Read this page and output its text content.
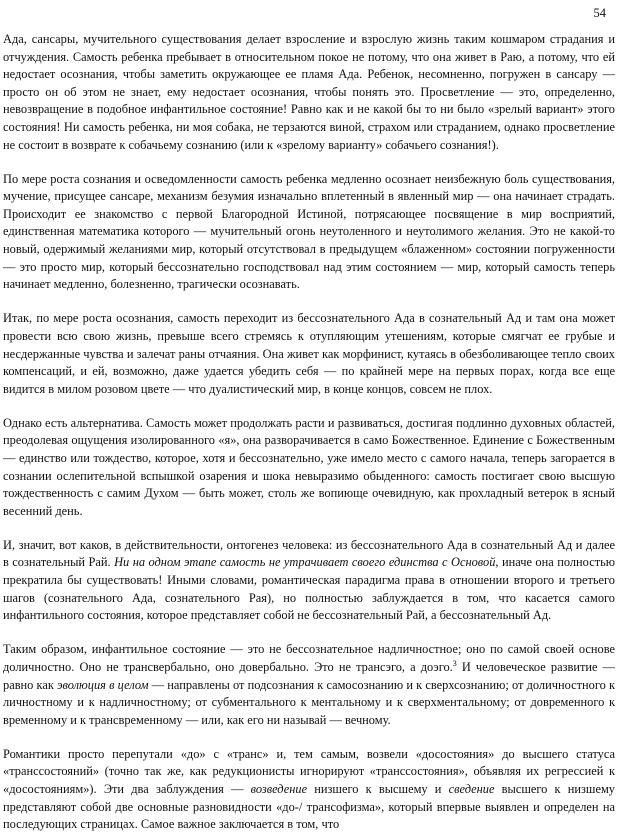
54

Ада, сансары, мучительного существования делает взросление и взрослую жизнь таким кошмаром страдания и отчуждения. Самость ребенка пребывает в относительном покое не потому, что она живет в Раю, а потому, что ей недостает осознания, чтобы заметить окружающее ее пламя Ада. Ребенок, несомненно, погружен в сансару — просто он об этом не знает, ему недостает осознания, чтобы понять это. Просветление — это, определенно, невозвращение в подобное инфантильное состояние! Равно как и не какой бы то ни было «зрелый вариант» этого состояния! Ни самость ребенка, ни моя собака, не терзаются виной, страхом или страданием, однако просветление не состоит в возврате к собачьему сознанию (или к «зрелому варианту» собачьего сознания!).

По мере роста сознания и осведомленности самость ребенка медленно осознает неизбежную боль существования, мучение, присущее сансаре, механизм безумия изначально вплетенный в явленный мир — она начинает страдать. Происходит ее знакомство с первой Благородной Истиной, потрясающее посвящение в мир восприятий, единственная математика которого — мучительный огонь неутоленного и неутолимого желания. Это не какой-то новый, одержимый желаниями мир, который отсутствовал в предыдущем «блаженном» состоянии погруженности — это просто мир, который бессознательно господствовал над этим состоянием — мир, который самость теперь начинает медленно, болезненно, трагически осознавать.

Итак, по мере роста осознания, самость переходит из бессознательного Ада в сознательный Ад и там она может провести всю свою жизнь, превыше всего стремясь к отупляющим утешениям, которые смягчат ее грубые и несдержанные чувства и залечат раны отчаяния. Она живет как морфинист, кутаясь в обезболивающее тепло своих компенсаций, и ей, возможно, даже удается убедить себя — по крайней мере на первых порах, когда все еще видится в милом розовом цвете — что дуалистический мир, в конце концов, совсем не плох.

Однако есть альтернатива. Самость может продолжать расти и развиваться, достигая подлинно духовных областей, преодолевая ощущения изолированного «я», она разворачивается в само Божественное. Единение с Божественным — единство или тождество, которое, хотя и бессознательно, уже имело место с самого начала, теперь загорается в сознании ослепительной вспышкой озарения и шока невыразимо обыденного: самость постигает свою высшую тождественность с самим Духом — быть может, столь же вопиюще очевидную, как прохладный ветерок в ясный весенний день.

И, значит, вот каков, в действительности, онтогенез человека: из бессознательного Ада в сознательный Ад и далее в сознательный Рай. Ни на одном этапе самость не утрачивает своего единства с Основой, иначе она полностью прекратила бы существовать! Иными словами, романтическая парадигма права в отношении второго и третьего шагов (сознательного Ада, сознательного Рая), но полностью заблуждается в том, что касается самого инфантильного состояния, которое представляет собой не бессознательный Рай, а бессознательный Ад.

Таким образом, инфантильное состояние — это не бессознательное надличностное; оно по самой своей основе доличностно. Оно не трансвербально, оно довербально. Это не трансэго, а доэго.$^3$ И человеческое развитие — равно как эволюция в целом — направлены от подсознания к самосознанию и к сверхсознанию; от доличностного к личностному и к надличностному; от субментального к ментальному и к сверхментальному; от довременного к временному и к трансвременному — или, как его ни называй — вечному.

Романтики просто перепутали «до» с «транс» и, тем самым, возвели «досостояния» до высшего статуса «транссостояний» (точно так же, как редукционисты игнорируют «транссостояния», объявляя их регрессией к «досостояниям»). Эти два заблуждения — возведение низшего к высшему и сведение высшего к низшему представляют собой две основные разновидности «до-/ трансофизма», который впервые выявлен и определен на последующих страницах. Самое важное заключается в том, что
